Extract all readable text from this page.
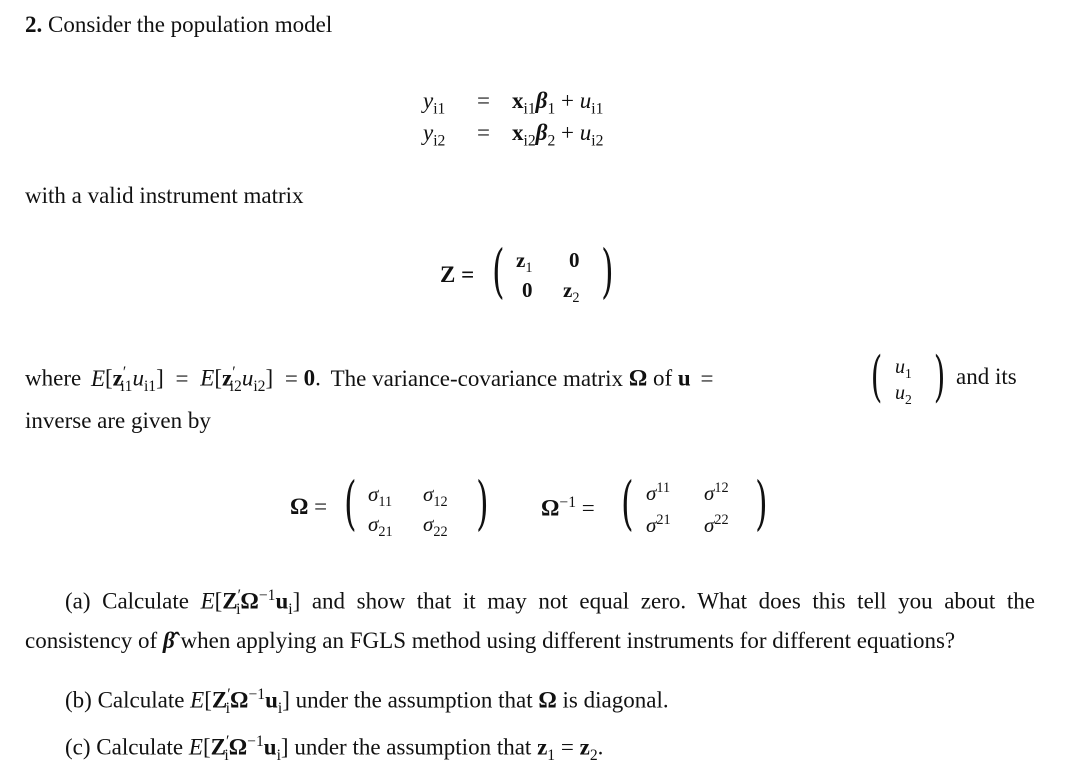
2. Consider the population model
$y_{i1} = x_{i1}\beta_1 + u_{i1}$
$y_{i2} = x_{i2}\beta_2 + u_{i2}$
with a valid instrument matrix
Z = ( )
$z_1$ 0
0 $z_2$
where $E[z'_{i1}u_{i1}] = E[z'_{i2}u_{i2}] = 0$. The variance-covariance matrix Ω of u =	( )
$u_1$
$u_2$
and its
inverse are given by
Ω = ( )
$\sigma_{11}$ $\sigma_{12}$
$\sigma_{21}$ $\sigma_{22}$
$\Omega^{-1}$ = ( )
$\sigma^{11}$ $\sigma^{12}$
$\sigma^{21}$ $\sigma^{22}$
(a) Calculate $E[Z'_i\Omega^{-1}u_i]$ and show that it may not equal zero. What does this tell you about the consistency of β̂ when applying an FGLS method using different instruments for different equations?
(b) Calculate $E[Z'_i\Omega^{-1}u_i]$ under the assumption that Ω is diagonal.
(c) Calculate $E[Z'_i\Omega^{-1}u_i]$ under the assumption that $z_1 = z_2$.
